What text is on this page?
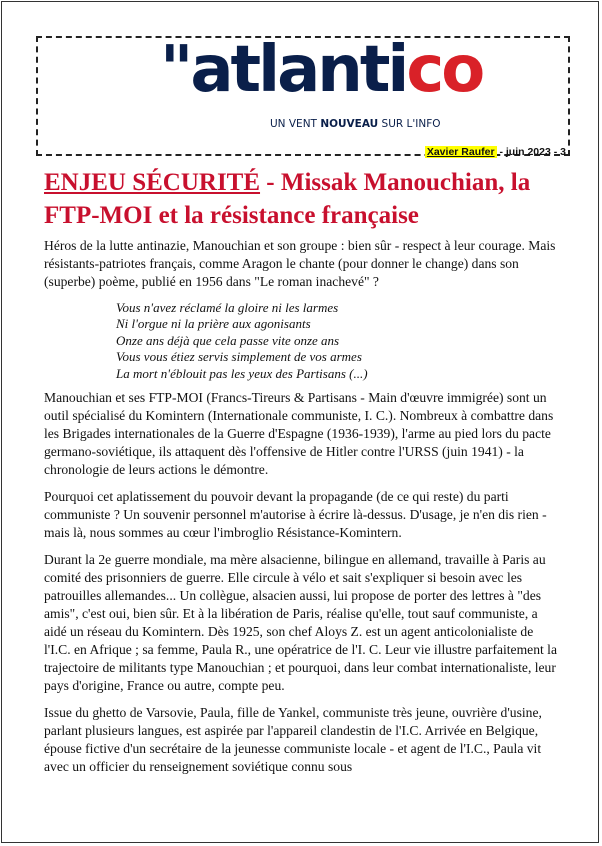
"atlantico
UN VENT NOUVEAU SUR L'INFO
Xavier Raufer - juin 2023 - 3
ENJEU SÉCURITÉ - Missak Manouchian, la FTP-MOI et la résistance française

Héros de la lutte antinazie, Manouchian et son groupe : bien sûr - respect à leur courage. Mais résistants-patriotes français, comme Aragon le chante (pour donner le change) dans son (superbe) poème, publié en 1956 dans "Le roman inachevé" ?

Vous n'avez réclamé la gloire ni les larmes
Ni l'orgue ni la prière aux agonisants
Onze ans déjà que cela passe vite onze ans
Vous vous étiez servis simplement de vos armes
La mort n'éblouit pas les yeux des Partisans (...)

Manouchian et ses FTP-MOI (Francs-Tireurs & Partisans - Main d'œuvre immigrée) sont un outil spécialisé du Komintern (Internationale communiste, I. C.). Nombreux à combattre dans les Brigades internationales de la Guerre d'Espagne (1936-1939), l'arme au pied lors du pacte germano-soviétique, ils attaquent dès l'offensive de Hitler contre l'URSS (juin 1941) - la chronologie de leurs actions le démontre.

Pourquoi cet aplatissement du pouvoir devant la propagande (de ce qui reste) du parti communiste ? Un souvenir personnel m'autorise à écrire là-dessus. D'usage, je n'en dis rien - mais là, nous sommes au cœur l'imbroglio Résistance-Komintern.

Durant la 2e guerre mondiale, ma mère alsacienne, bilingue en allemand, travaille à Paris au comité des prisonniers de guerre. Elle circule à vélo et sait s'expliquer si besoin avec les patrouilles allemandes... Un collègue, alsacien aussi, lui propose de porter des lettres à "des amis", c'est oui, bien sûr. Et à la libération de Paris, réalise qu'elle, tout sauf communiste, a aidé un réseau du Komintern. Dès 1925, son chef Aloys Z. est un agent anticolonialiste de l'I.C. en Afrique ; sa femme, Paula R., une opératrice de l'I. C. Leur vie illustre parfaitement la trajectoire de militants type Manouchian ; et pourquoi, dans leur combat internationaliste, leur pays d'origine, France ou autre, compte peu.

Issue du ghetto de Varsovie, Paula, fille de Yankel, communiste très jeune, ouvrière d'usine, parlant plusieurs langues, est aspirée par l'appareil clandestin de l'I.C. Arrivée en Belgique, épouse fictive d'un secrétaire de la jeunesse communiste locale - et agent de l'I.C., Paula vit avec un officier du renseignement soviétique connu sous
